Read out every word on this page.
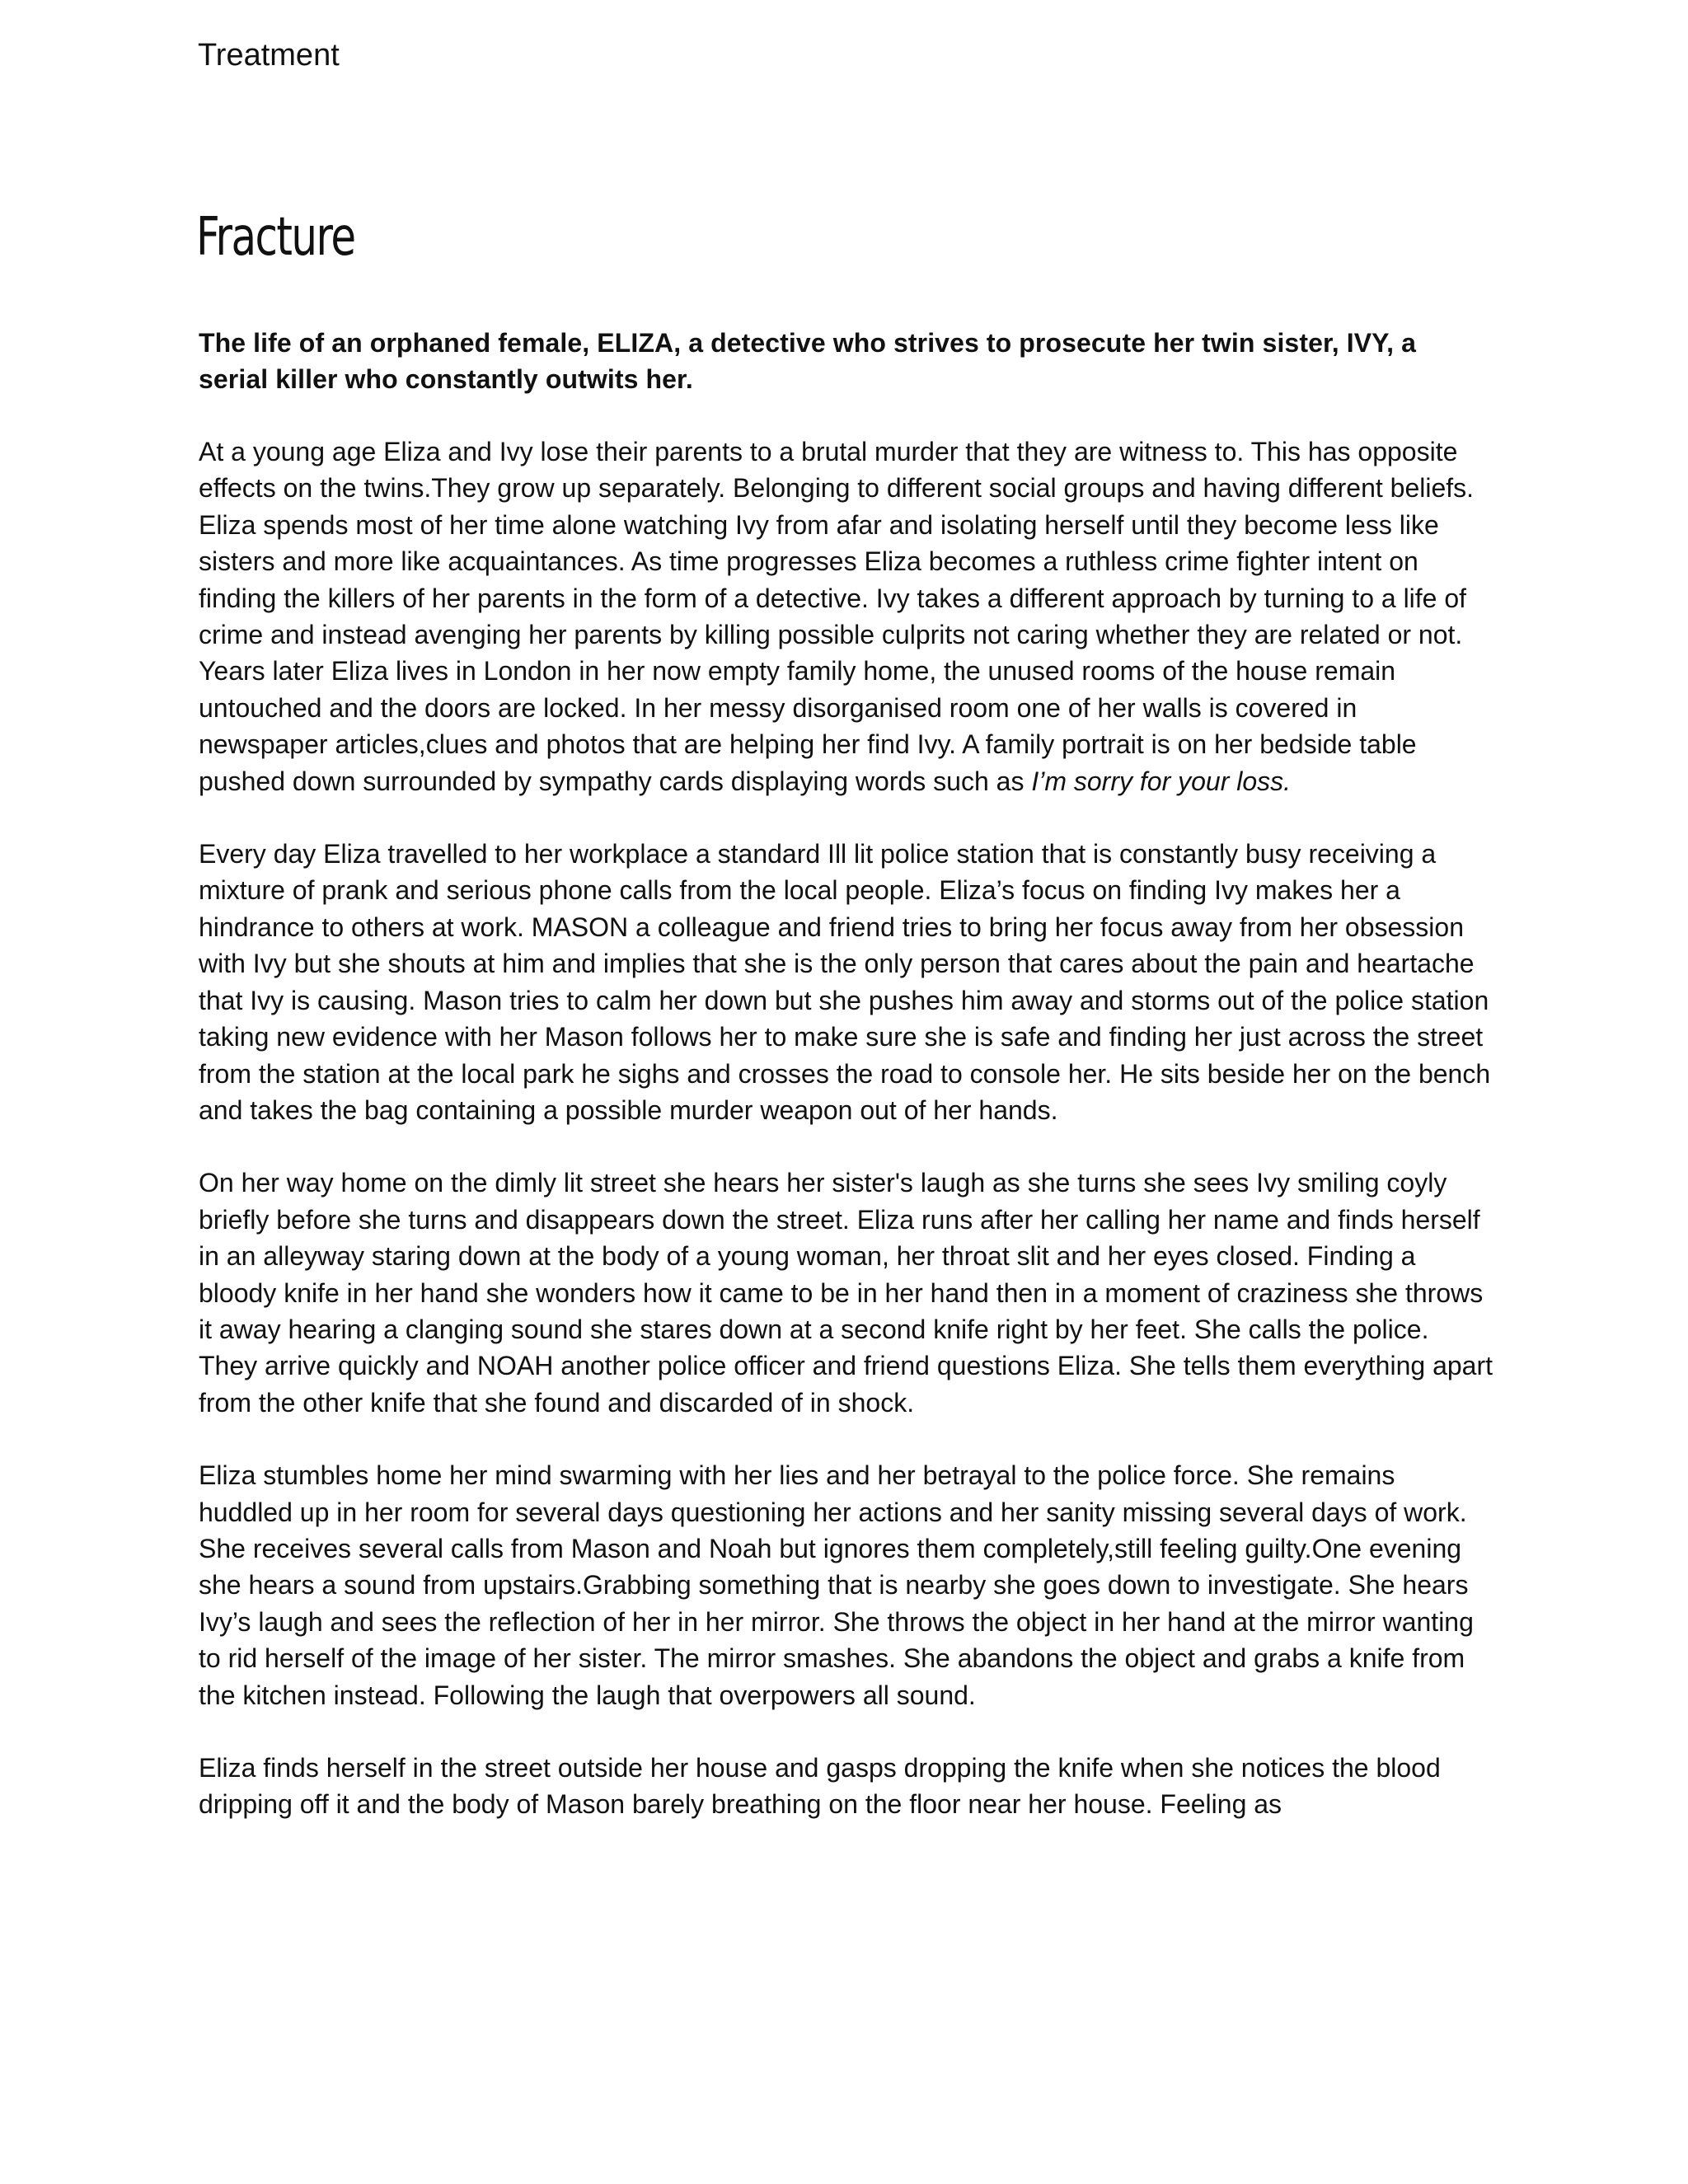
Treatment
Fracture

The life of an orphaned female, ELIZA, a detective who strives to prosecute her twin sister, IVY, a serial killer who constantly outwits her.

At a young age Eliza and Ivy lose their parents to a brutal murder that they are witness to. This has opposite effects on the twins.They grow up separately. Belonging to different social groups and having different beliefs. Eliza spends most of her time alone watching Ivy from afar and isolating herself until they become less like sisters and more like acquaintances. As time progresses Eliza becomes a ruthless crime fighter intent on finding the killers of her parents in the form of a detective. Ivy takes a different approach by turning to a life of crime and instead avenging her parents by killing possible culprits not caring whether they are related or not. Years later Eliza lives in London in her now empty family home, the unused rooms of the house remain untouched and the doors are locked. In her messy disorganised room one of her walls is covered in newspaper articles,clues and photos that are helping her find Ivy. A family portrait is on her bedside table pushed down surrounded by sympathy cards displaying words such as I’m sorry for your loss.

Every day Eliza travelled to her workplace a standard Ill lit police station that is constantly busy receiving a mixture of prank and serious phone calls from the local people. Eliza’s focus on finding Ivy makes her a hindrance to others at work. MASON a colleague and friend tries to bring her focus away from her obsession with Ivy but she shouts at him and implies that she is the only person that cares about the pain and heartache that Ivy is causing. Mason tries to calm her down but she pushes him away and storms out of the police station taking new evidence with her Mason follows her to make sure she is safe and finding her just across the street from the station at the local park he sighs and crosses the road to console her. He sits beside her on the bench and takes the bag containing a possible murder weapon out of her hands.

On her way home on the dimly lit street she hears her sister's laugh as she turns she sees Ivy smiling coyly briefly before she turns and disappears down the street. Eliza runs after her calling her name and finds herself in an alleyway staring down at the body of a young woman, her throat slit and her eyes closed. Finding a bloody knife in her hand she wonders how it came to be in her hand then in a moment of craziness she throws it away hearing a clanging sound she stares down at a second knife right by her feet. She calls the police. They arrive quickly and NOAH another police officer and friend questions Eliza. She tells them everything apart from the other knife that she found and discarded of in shock.

Eliza stumbles home her mind swarming with her lies and her betrayal to the police force. She remains huddled up in her room for several days questioning her actions and her sanity missing several days of work. She receives several calls from Mason and Noah but ignores them completely,still feeling guilty.One evening she hears a sound from upstairs.Grabbing something that is nearby she goes down to investigate. She hears Ivy’s laugh and sees the reflection of her in her mirror. She throws the object in her hand at the mirror wanting to rid herself of the image of her sister. The mirror smashes. She abandons the object and grabs a knife from the kitchen instead. Following the laugh that overpowers all sound.

Eliza finds herself in the street outside her house and gasps dropping the knife when she notices the blood dripping off it and the body of Mason barely breathing on the floor near her house. Feeling as
